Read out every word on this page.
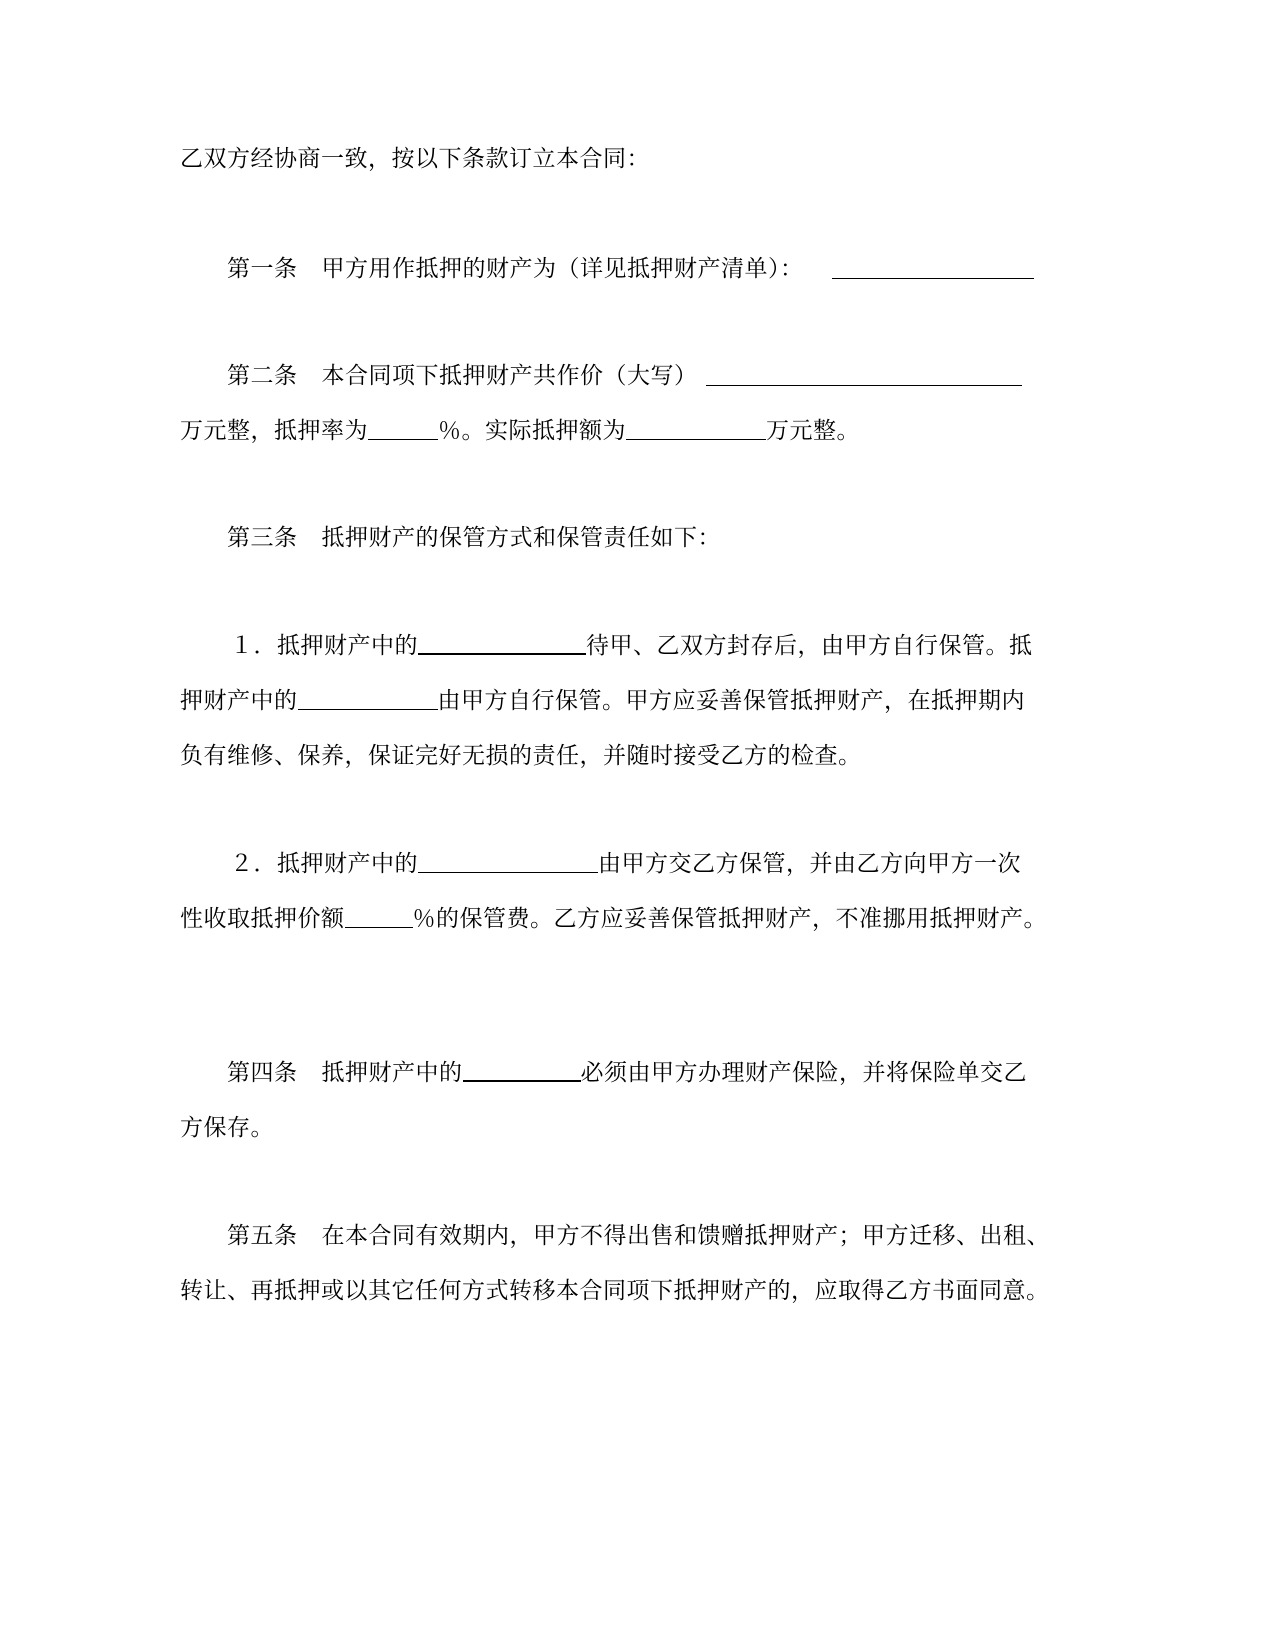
乙双方经协商一致，按以下条款订立本合同：
第一条 甲方用作抵押的财产为（详见抵押财产清单）：
第二条 本合同项下抵押财产共作价（大写）
万元整，抵押率为	％。实际抵押额为	万元整。
第三条 抵押财产的保管方式和保管责任如下：
１．抵押财产中的	待甲、乙双方封存后，由甲方自行保管。抵
押财产中的	由甲方自行保管。甲方应妥善保管抵押财产，在抵押期内
负有维修、保养，保证完好无损的责任，并随时接受乙方的检查。
２．抵押财产中的	由甲方交乙方保管，并由乙方向甲方一次
性收取抵押价额	％的保管费。乙方应妥善保管抵押财产，不准挪用抵押财产。
第四条 抵押财产中的	必须由甲方办理财产保险，并将保险单交乙
方保存。
第五条 在本合同有效期内，甲方不得出售和馈赠抵押财产；甲方迁移、出租、
转让、再抵押或以其它任何方式转移本合同项下抵押财产的，应取得乙方书面同意。
